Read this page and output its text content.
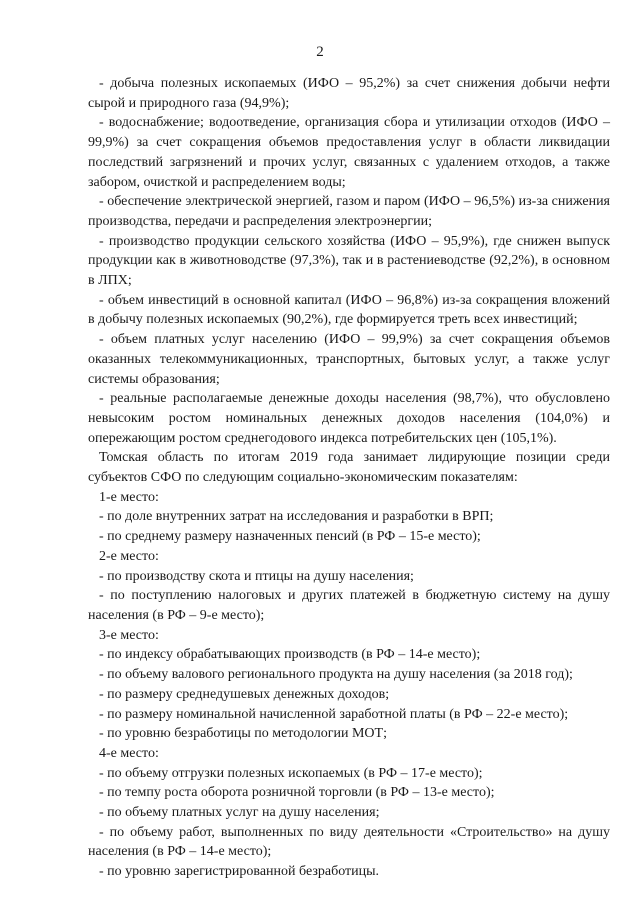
2

- добыча полезных ископаемых (ИФО – 95,2%) за счет снижения добычи нефти сырой и природного газа (94,9%);

- водоснабжение; водоотведение, организация сбора и утилизации отходов (ИФО – 99,9%) за счет сокращения объемов предоставления услуг в области ликвидации последствий загрязнений и прочих услуг, связанных с удалением отходов, а также забором, очисткой и распределением воды;

- обеспечение электрической энергией, газом и паром (ИФО – 96,5%) из-за снижения производства, передачи и распределения электроэнергии;

- производство продукции сельского хозяйства (ИФО – 95,9%), где снижен выпуск продукции как в животноводстве (97,3%), так и в растениеводстве (92,2%), в основном в ЛПХ;

- объем инвестиций в основной капитал (ИФО – 96,8%) из-за сокращения вложений в добычу полезных ископаемых (90,2%), где формируется треть всех инвестиций;

- объем платных услуг населению (ИФО – 99,9%) за счет сокращения объемов оказанных телекоммуникационных, транспортных, бытовых услуг, а также услуг системы образования;

- реальные располагаемые денежные доходы населения (98,7%), что обусловлено невысоким ростом номинальных денежных доходов населения (104,0%) и опережающим ростом среднегодового индекса потребительских цен (105,1%).

Томская область по итогам 2019 года занимает лидирующие позиции среди субъектов СФО по следующим социально-экономическим показателям:

1-е место:

- по доле внутренних затрат на исследования и разработки в ВРП;

- по среднему размеру назначенных пенсий (в РФ – 15-е место);

2-е место:

- по производству скота и птицы на душу населения;

- по поступлению налоговых и других платежей в бюджетную систему на душу населения (в РФ – 9-е место);

3-е место:

- по индексу обрабатывающих производств (в РФ – 14-е место);

- по объему валового регионального продукта на душу населения (за 2018 год);

- по размеру среднедушевых денежных доходов;

- по размеру номинальной начисленной заработной платы (в РФ – 22-е место);

- по уровню безработицы по методологии МОТ;

4-е место:

- по объему отгрузки полезных ископаемых (в РФ – 17-е место);

- по темпу роста оборота розничной торговли (в РФ – 13-е место);

- по объему платных услуг на душу населения;

- по объему работ, выполненных по виду деятельности «Строительство» на душу населения (в РФ – 14-е место);

- по уровню зарегистрированной безработицы.
